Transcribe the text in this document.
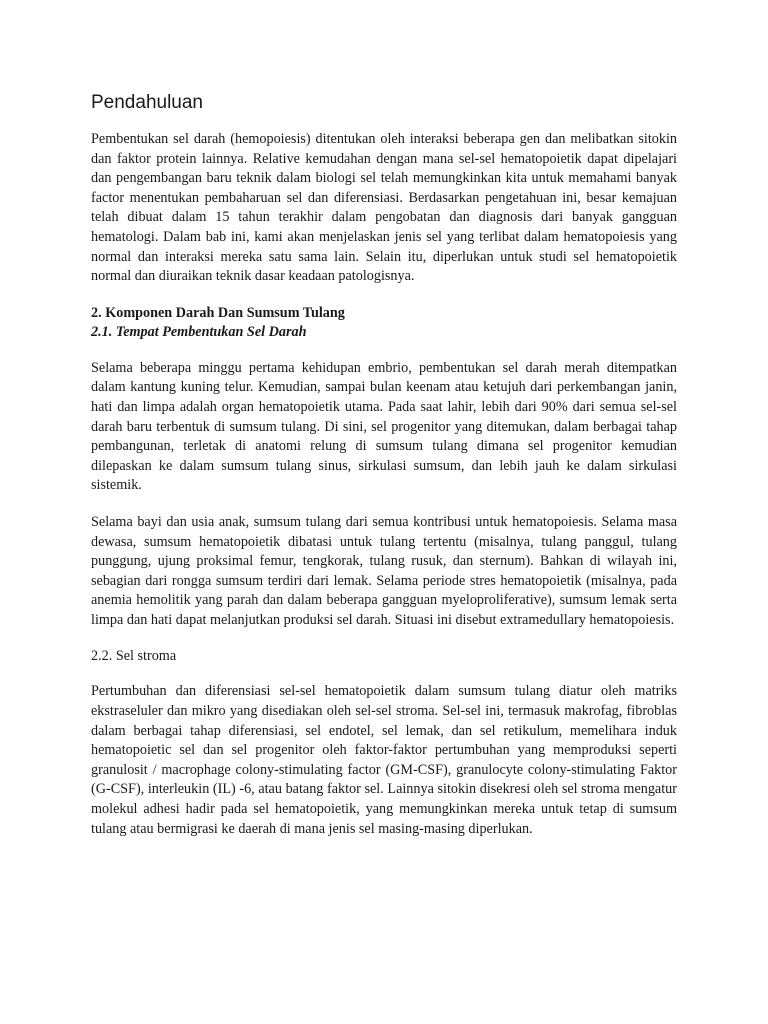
Pendahuluan

Pembentukan sel darah (hemopoiesis) ditentukan oleh interaksi beberapa gen dan melibatkan sitokin dan faktor protein lainnya. Relative kemudahan dengan mana sel-sel hematopoietik dapat dipelajari dan pengembangan baru teknik dalam biologi sel telah memungkinkan kita untuk memahami banyak factor menentukan pembaharuan sel dan diferensiasi. Berdasarkan pengetahuan ini, besar kemajuan telah dibuat dalam 15 tahun terakhir dalam pengobatan dan diagnosis dari banyak gangguan hematologi. Dalam bab ini, kami akan menjelaskan jenis sel yang terlibat dalam hematopoiesis yang normal dan interaksi mereka satu sama lain. Selain itu, diperlukan untuk studi sel hematopoietik normal dan diuraikan teknik dasar keadaan patologisnya.

2. Komponen Darah Dan Sumsum Tulang

2.1. Tempat Pembentukan Sel Darah

Selama beberapa minggu pertama kehidupan embrio, pembentukan sel darah merah ditempatkan dalam kantung kuning telur. Kemudian, sampai bulan keenam atau ketujuh dari perkembangan janin, hati dan limpa adalah organ hematopoietik utama. Pada saat lahir, lebih dari 90% dari semua sel-sel darah baru terbentuk di sumsum tulang. Di sini, sel progenitor yang ditemukan, dalam berbagai tahap pembangunan, terletak di anatomi relung di sumsum tulang dimana sel progenitor kemudian dilepaskan ke dalam sumsum tulang sinus, sirkulasi sumsum, dan lebih jauh ke dalam sirkulasi sistemik.

Selama bayi dan usia anak, sumsum tulang dari semua kontribusi untuk hematopoiesis. Selama masa dewasa, sumsum hematopoietik dibatasi untuk tulang tertentu (misalnya, tulang panggul, tulang punggung, ujung proksimal femur, tengkorak, tulang rusuk, dan sternum). Bahkan di wilayah ini, sebagian dari rongga sumsum terdiri dari lemak. Selama periode stres hematopoietik (misalnya, pada anemia hemolitik yang parah dan dalam beberapa gangguan myeloproliferative), sumsum lemak serta limpa dan hati dapat melanjutkan produksi sel darah. Situasi ini disebut extramedullary hematopoiesis.

2.2. Sel stroma

Pertumbuhan dan diferensiasi sel-sel hematopoietik dalam sumsum tulang diatur oleh matriks ekstraseluler dan mikro yang disediakan oleh sel-sel stroma. Sel-sel ini, termasuk makrofag, fibroblas dalam berbagai tahap diferensiasi, sel endotel, sel lemak, dan sel retikulum, memelihara induk hematopoietic sel dan sel progenitor oleh faktor-faktor pertumbuhan yang memproduksi seperti granulosit / macrophage colony-stimulating factor (GM-CSF), granulocyte colony-stimulating Faktor (G-CSF), interleukin (IL) -6, atau batang faktor sel. Lainnya sitokin disekresi oleh sel stroma mengatur molekul adhesi hadir pada sel hematopoietik, yang memungkinkan mereka untuk tetap di sumsum tulang atau bermigrasi ke daerah di mana jenis sel masing-masing diperlukan.
